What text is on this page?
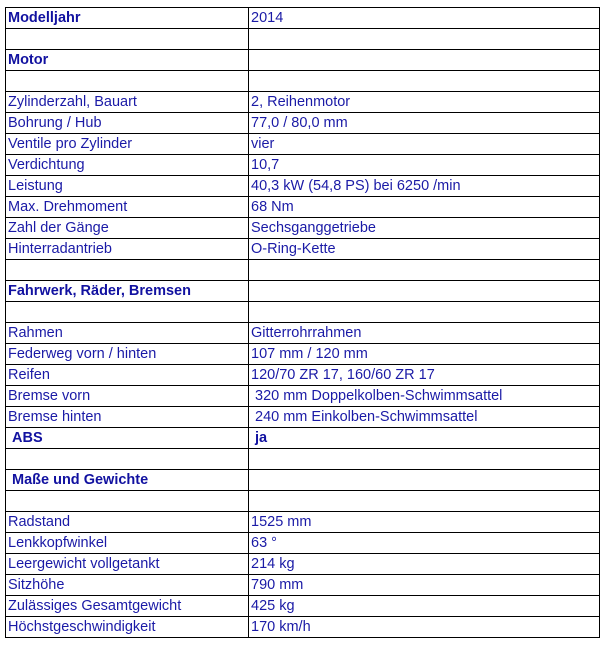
Modelljahr	2014

Motor	

Zylinderzahl, Bauart	2, Reihenmotor
Bohrung / Hub	77,0 / 80,0 mm
Ventile pro Zylinder	vier
Verdichtung	10,7
Leistung	40,3 kW (54,8 PS) bei 6250 /min
Max. Drehmoment	68 Nm
Zahl der Gänge	Sechsganggetriebe
Hinterradantrieb	O-Ring-Kette

Fahrwerk, Räder, Bremsen	

Rahmen	Gitterrohrrahmen
Federweg vorn / hinten	107 mm / 120 mm
Reifen	120/70 ZR 17, 160/60 ZR 17
Bremse vorn	320 mm Doppelkolben-Schwimmsattel
Bremse hinten	240 mm Einkolben-Schwimmsattel
ABS	ja

Maße und Gewichte	

Radstand	1525 mm
Lenkkopfwinkel	63 °
Leergewicht vollgetankt	214 kg
Sitzhöhe	790 mm
Zulässiges Gesamtgewicht	425 kg
Höchstgeschwindigkeit	170 km/h
